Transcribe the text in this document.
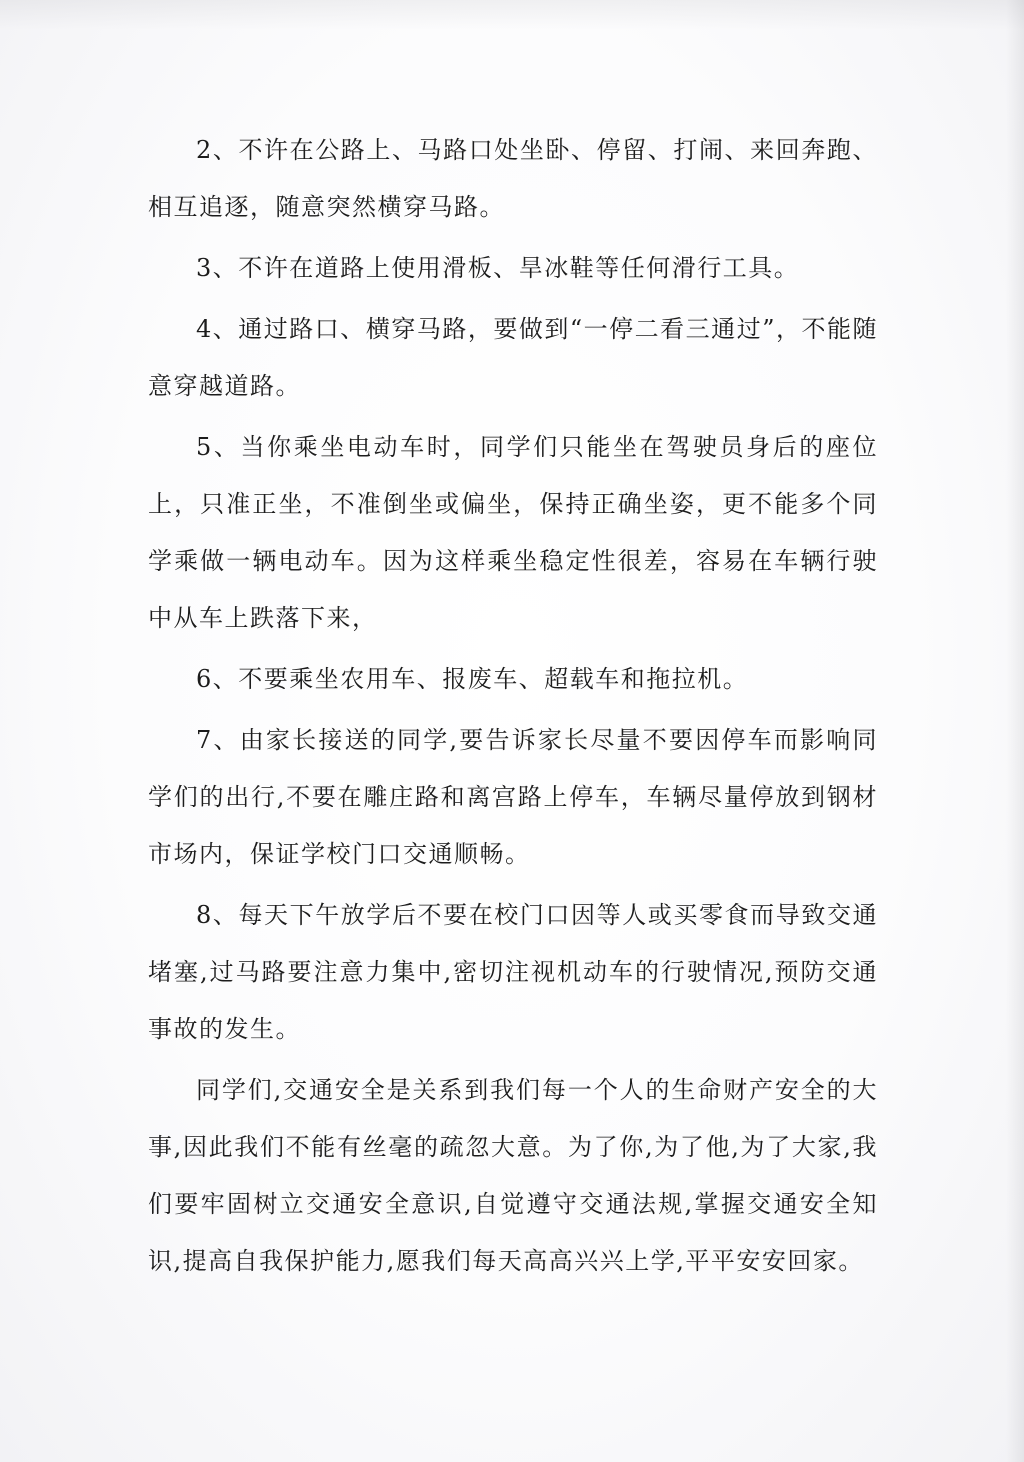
2、不许在公路上、马路口处坐卧、停留、打闹、来回奔跑、相互追逐，随意突然横穿马路。

3、不许在道路上使用滑板、旱冰鞋等任何滑行工具。

4、通过路口、横穿马路，要做到“一停二看三通过”，不能随意穿越道路。

5、当你乘坐电动车时，同学们只能坐在驾驶员身后的座位上，只准正坐，不准倒坐或偏坐，保持正确坐姿，更不能多个同学乘做一辆电动车。因为这样乘坐稳定性很差，容易在车辆行驶中从车上跌落下来，

6、不要乘坐农用车、报废车、超载车和拖拉机。

7、由家长接送的同学,要告诉家长尽量不要因停车而影响同学们的出行,不要在雕庄路和离宫路上停车，车辆尽量停放到钢材市场内，保证学校门口交通顺畅。

8、每天下午放学后不要在校门口因等人或买零食而导致交通堵塞,过马路要注意力集中,密切注视机动车的行驶情况,预防交通事故的发生。

同学们,交通安全是关系到我们每一个人的生命财产安全的大事,因此我们不能有丝毫的疏忽大意。为了你,为了他,为了大家,我们要牢固树立交通安全意识,自觉遵守交通法规,掌握交通安全知识,提高自我保护能力,愿我们每天高高兴兴上学,平平安安回家。
